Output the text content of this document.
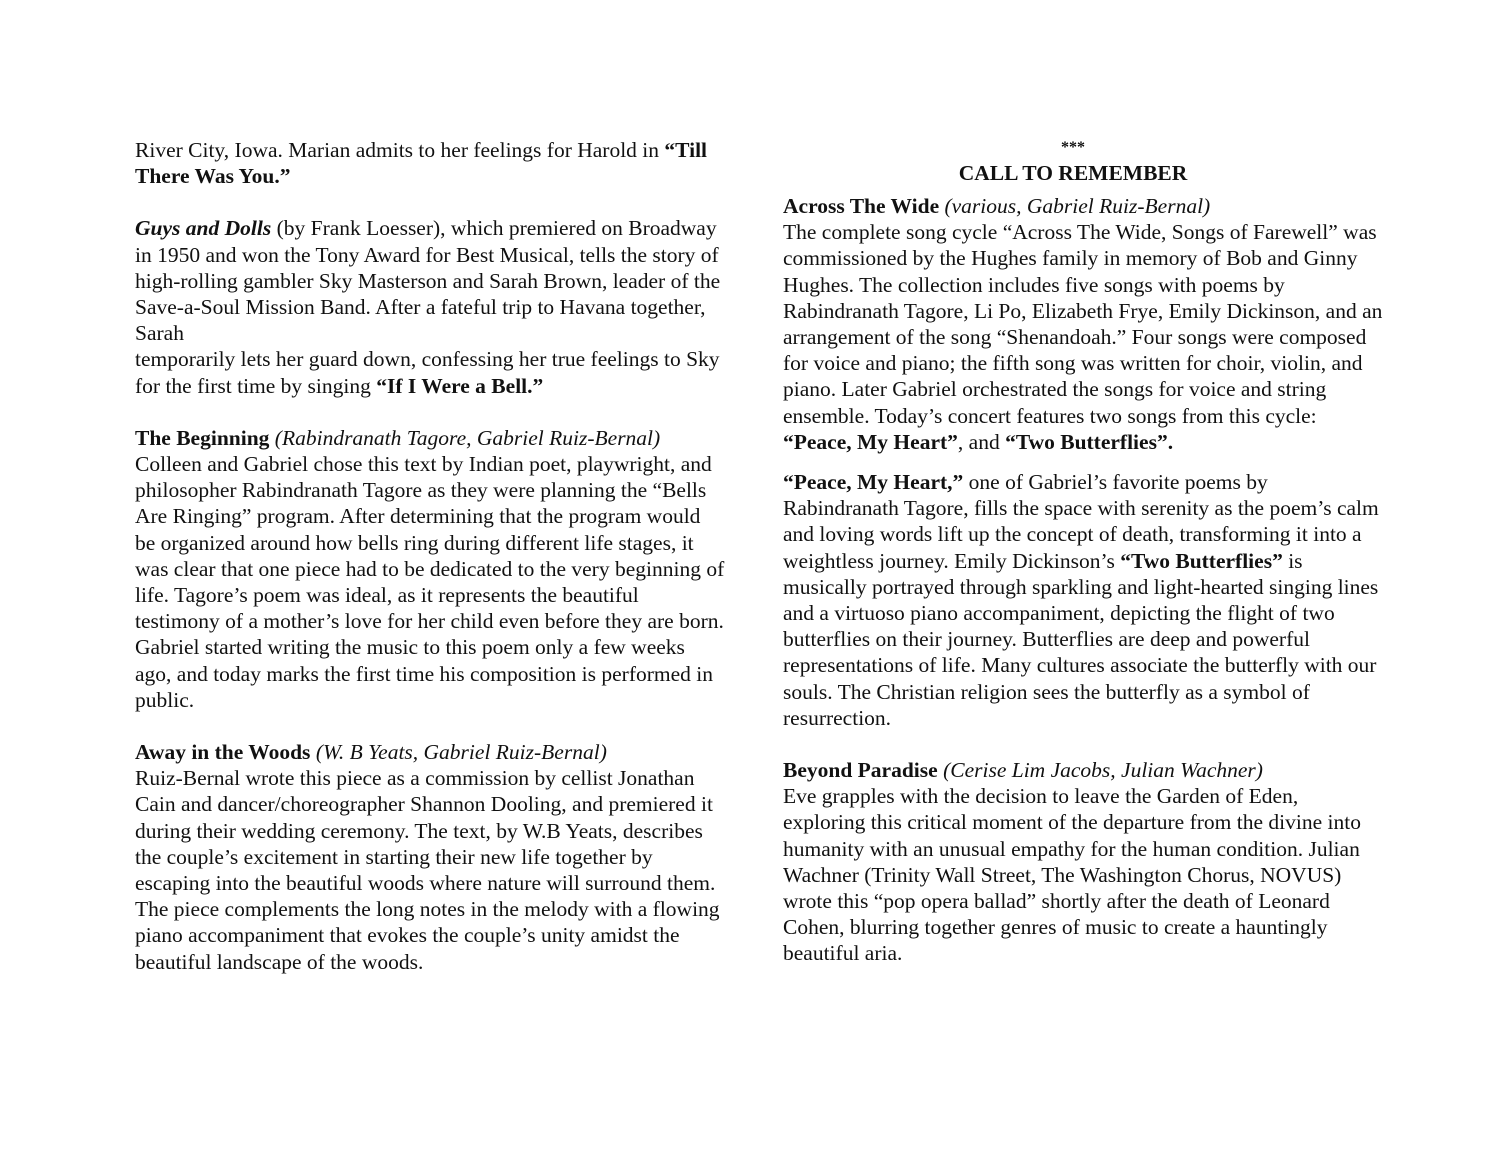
River City, Iowa. Marian admits to her feelings for Harold in “Till There Was You.”

Guys and Dolls (by Frank Loesser), which premiered on Broadway in 1950 and won the Tony Award for Best Musical, tells the story of high-rolling gambler Sky Masterson and Sarah Brown, leader of the Save-a-Soul Mission Band. After a fateful trip to Havana together, Sarah
temporarily lets her guard down, confessing her true feelings to Sky for the first time by singing “If I Were a Bell.”

The Beginning (Rabindranath Tagore, Gabriel Ruiz-Bernal)
Colleen and Gabriel chose this text by Indian poet, playwright, and philosopher Rabindranath Tagore as they were planning the “Bells Are Ringing” program. After determining that the program would be organized around how bells ring during different life stages, it was clear that one piece had to be dedicated to the very beginning of life. Tagore’s poem was ideal, as it represents the beautiful testimony of a mother’s love for her child even before they are born. Gabriel started writing the music to this poem only a few weeks ago, and today marks the first time his composition is performed in public.

Away in the Woods (W. B Yeats, Gabriel Ruiz-Bernal)
Ruiz-Bernal wrote this piece as a commission by cellist Jonathan Cain and dancer/choreographer Shannon Dooling, and premiered it during their wedding ceremony. The text, by W.B Yeats, describes the couple’s excitement in starting their new life together by escaping into the beautiful woods where nature will surround them. The piece complements the long notes in the melody with a flowing piano accompaniment that evokes the couple’s unity amidst the beautiful landscape of the woods.

***
CALL TO REMEMBER

Across The Wide (various, Gabriel Ruiz-Bernal)
The complete song cycle “Across The Wide, Songs of Farewell” was commissioned by the Hughes family in memory of Bob and Ginny Hughes. The collection includes five songs with poems by Rabindranath Tagore, Li Po, Elizabeth Frye, Emily Dickinson, and an arrangement of the song “Shenandoah.” Four songs were composed for voice and piano; the fifth song was written for choir, violin, and piano. Later Gabriel orchestrated the songs for voice and string ensemble. Today’s concert features two songs from this cycle: “Peace, My Heart”, and “Two Butterflies”.

“Peace, My Heart,” one of Gabriel’s favorite poems by Rabindranath Tagore, fills the space with serenity as the poem’s calm and loving words lift up the concept of death, transforming it into a weightless journey. Emily Dickinson’s “Two Butterflies” is musically portrayed through sparkling and light-hearted singing lines and a virtuoso piano accompaniment, depicting the flight of two butterflies on their journey. Butterflies are deep and powerful representations of life. Many cultures associate the butterfly with our souls. The Christian religion sees the butterfly as a symbol of resurrection.

Beyond Paradise (Cerise Lim Jacobs, Julian Wachner)
Eve grapples with the decision to leave the Garden of Eden, exploring this critical moment of the departure from the divine into humanity with an unusual empathy for the human condition. Julian Wachner (Trinity Wall Street, The Washington Chorus, NOVUS) wrote this “pop opera ballad” shortly after the death of Leonard Cohen, blurring together genres of music to create a hauntingly beautiful aria.
